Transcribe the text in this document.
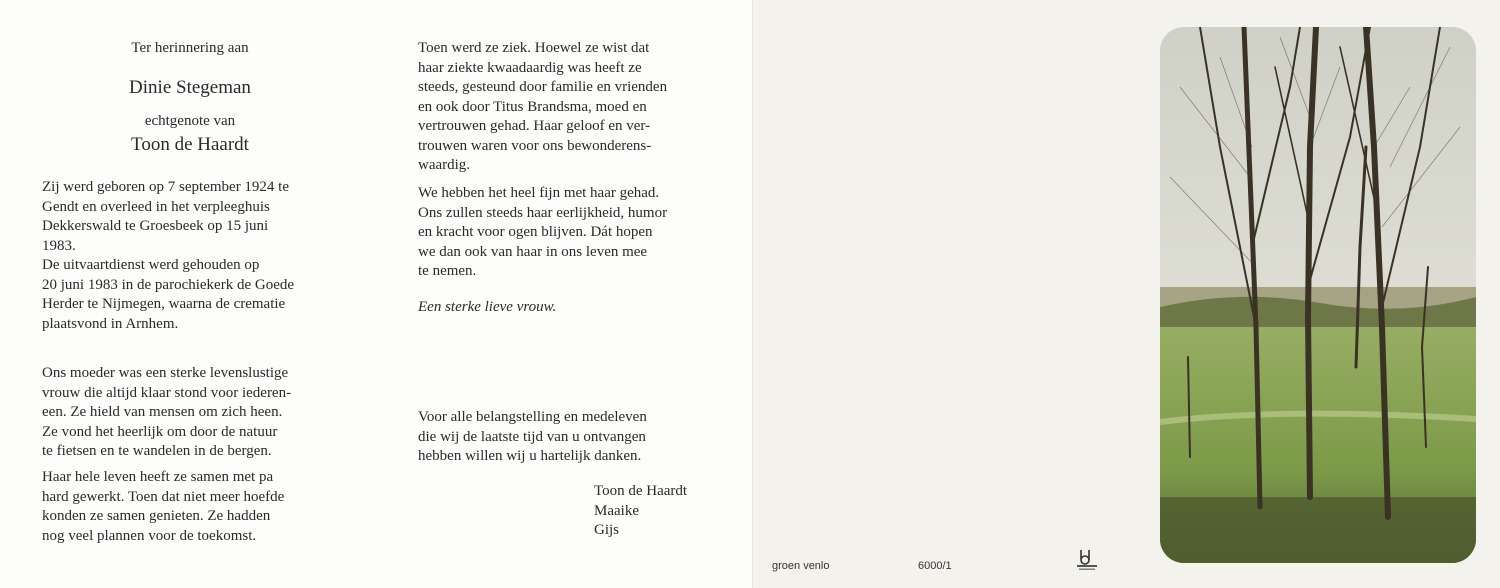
Ter herinnering aan
Dinie Stegeman
echtgenote van
Toon de Haardt
Zij werd geboren op 7 september 1924 te
Gendt en overleed in het verpleeghuis
Dekkerswald te Groesbeek op 15 juni
1983.
De uitvaartdienst werd gehouden op
20 juni 1983 in de parochiekerk de Goede
Herder te Nijmegen, waarna de crematie
plaatsvond in Arnhem.
Ons moeder was een sterke levenslustige
vrouw die altijd klaar stond voor iederen-
een. Ze hield van mensen om zich heen.
Ze vond het heerlijk om door de natuur
te fietsen en te wandelen in de bergen.
Haar hele leven heeft ze samen met pa
hard gewerkt. Toen dat niet meer hoefde
konden ze samen genieten. Ze hadden
nog veel plannen voor de toekomst.
Toen werd ze ziek. Hoewel ze wist dat
haar ziekte kwaadaardig was heeft ze
steeds, gesteund door familie en vrienden
en ook door Titus Brandsma, moed en
vertrouwen gehad. Haar geloof en ver-
trouwen waren voor ons bewonderens-
waardig.
We hebben het heel fijn met haar gehad.
Ons zullen steeds haar eerlijkheid, humor
en kracht voor ogen blijven. Dát hopen
we dan ook van haar in ons leven mee
te nemen.
Een sterke lieve vrouw.
Voor alle belangstelling en medeleven
die wij de laatste tijd van u ontvangen
hebben willen wij u hartelijk danken.
Toon de Haardt
Maaike
Gijs
groen venlo	6000/1
